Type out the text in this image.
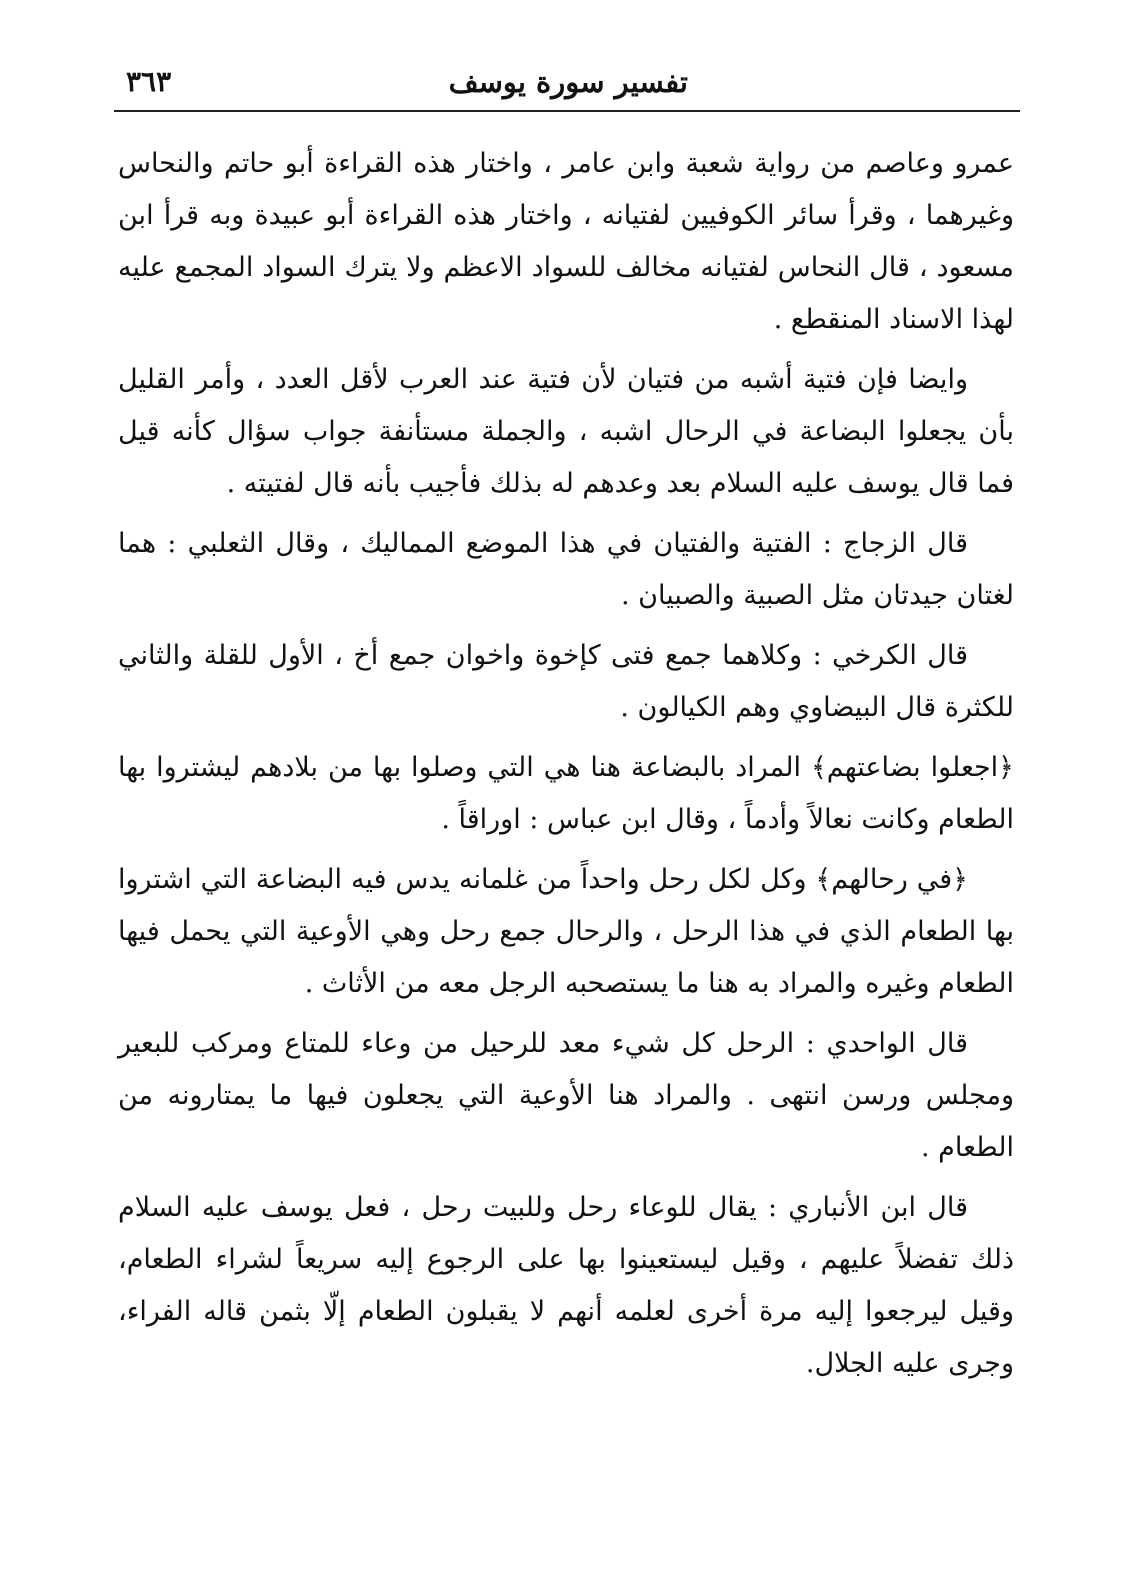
تفسير سورة يوسف
٣٦٣

عمرو وعاصم من رواية شعبة وابن عامر ، واختار هذه القراءة أبو حاتم والنحاس وغيرهما ، وقرأ سائر الكوفيين لفتيانه ، واختار هذه القراءة أبو عبيدة وبه قرأ ابن مسعود ، قال النحاس لفتيانه مخالف للسواد الاعظم ولا يترك السواد المجمع عليه لهذا الاسناد المنقطع .

وايضا فإن فتية أشبه من فتيان لأن فتية عند العرب لأقل العدد ، وأمر القليل بأن يجعلوا البضاعة في الرحال اشبه ، والجملة مستأنفة جواب سؤال كأنه قيل فما قال يوسف عليه السلام بعد وعدهم له بذلك فأجيب بأنه قال لفتيته .

قال الزجاج : الفتية والفتيان في هذا الموضع المماليك ، وقال الثعلبي : هما لغتان جيدتان مثل الصبية والصبيان .

قال الكرخي : وكلاهما جمع فتى كإخوة واخوان جمع أخ ، الأول للقلة والثاني للكثرة قال البيضاوي وهم الكيالون .

﴿اجعلوا بضاعتهم﴾ المراد بالبضاعة هنا هي التي وصلوا بها من بلادهم ليشتروا بها الطعام وكانت نعالاً وأدماً ، وقال ابن عباس : اوراقاً .

﴿في رحالهم﴾ وكل لكل رحل واحداً من غلمانه يدس فيه البضاعة التي اشتروا بها الطعام الذي في هذا الرحل ، والرحال جمع رحل وهي الأوعية التي يحمل فيها الطعام وغيره والمراد به هنا ما يستصحبه الرجل معه من الأثاث .

قال الواحدي : الرحل كل شيء معد للرحيل من وعاء للمتاع ومركب للبعير ومجلس ورسن انتهى . والمراد هنا الأوعية التي يجعلون فيها ما يمتارونه من الطعام .

قال ابن الأنباري : يقال للوعاء رحل وللبيت رحل ، فعل يوسف عليه السلام ذلك تفضلاً عليهم ، وقيل ليستعينوا بها على الرجوع إليه سريعاً لشراء الطعام، وقيل ليرجعوا إليه مرة أخرى لعلمه أنهم لا يقبلون الطعام إلّا بثمن قاله الفراء، وجرى عليه الجلال.
